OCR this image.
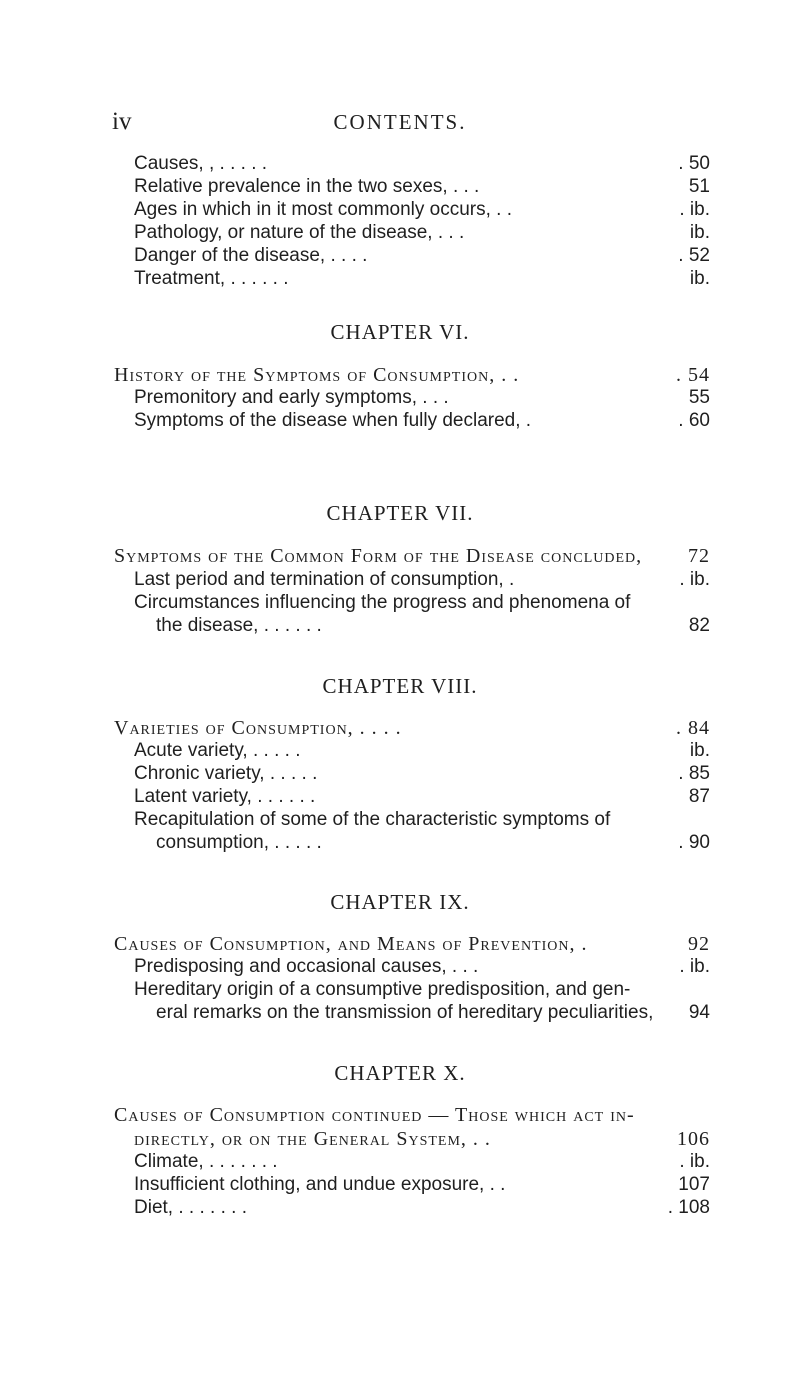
iv	CONTENTS.
Causes, , . . . . .	. 50
Relative prevalence in the two sexes, . . .	51
Ages in which in it most commonly occurs, . .	. ib.
Pathology, or nature of the disease, . . .	ib.
Danger of the disease, . . . .	. 52
Treatment, . . . . . .	ib.
CHAPTER VI.
History of the Symptoms of Consumption, . .	. 54
Premonitory and early symptoms, . . .	55
Symptoms of the disease when fully declared, .	. 60
CHAPTER VII.
Symptoms of the Common Form of the Disease concluded, 72
Last period and termination of consumption, .	. ib.
Circumstances influencing the progress and phenomena of
the disease, . . . . . .	82
CHAPTER VIII.
Varieties of Consumption, . . . .	. 84
Acute variety, . . . . .	ib.
Chronic variety, . . . . .	. 85
Latent variety, . . . . . .	87
Recapitulation of some of the characteristic symptoms of
consumption, . . . . .	. 90
CHAPTER IX.
Causes of Consumption, and Means of Prevention, .	92
Predisposing and occasional causes, . . .	. ib.
Hereditary origin of a consumptive predisposition, and gen-
eral remarks on the transmission of hereditary peculiarities, 94
CHAPTER X.
Causes of Consumption continued — Those which act in-
directly, or on the General System, . .	106
Climate, . . . . . . .	. ib.
Insufficient clothing, and undue exposure, . .	107
Diet, . . . . . . .	. 108
